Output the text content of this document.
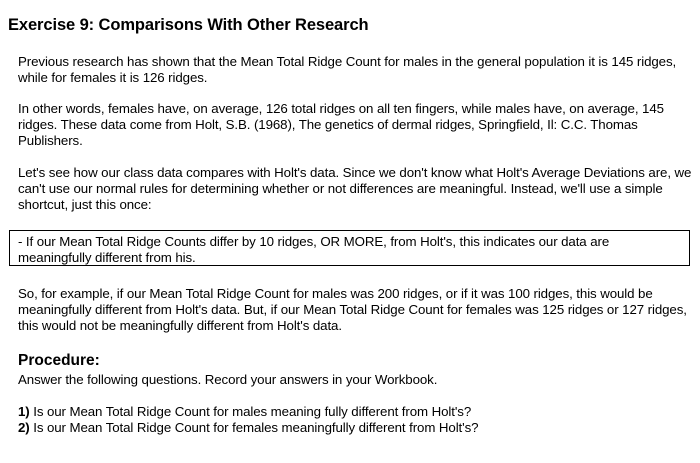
Exercise 9: Comparisons With Other Research

Previous research has shown that the Mean Total Ridge Count for males in the general population it is 145 ridges, while for females it is 126 ridges.

In other words, females have, on average, 126 total ridges on all ten fingers, while males have, on average, 145 ridges. These data come from Holt, S.B. (1968), The genetics of dermal ridges, Springfield, Il: C.C. Thomas Publishers.

Let's see how our class data compares with Holt's data. Since we don't know what Holt's Average Deviations are, we can't use our normal rules for determining whether or not differences are meaningful. Instead, we'll use a simple shortcut, just this once:

- If our Mean Total Ridge Counts differ by 10 ridges, OR MORE, from Holt's, this indicates our data are meaningfully different from his.

So, for example, if our Mean Total Ridge Count for males was 200 ridges, or if it was 100 ridges, this would be meaningfully different from Holt's data. But, if our Mean Total Ridge Count for females was 125 ridges or 127 ridges, this would not be meaningfully different from Holt's data.

Procedure:

Answer the following questions. Record your answers in your Workbook.

1) Is our Mean Total Ridge Count for males meaning fully different from Holt's?
2) Is our Mean Total Ridge Count for females meaningfully different from Holt's?
